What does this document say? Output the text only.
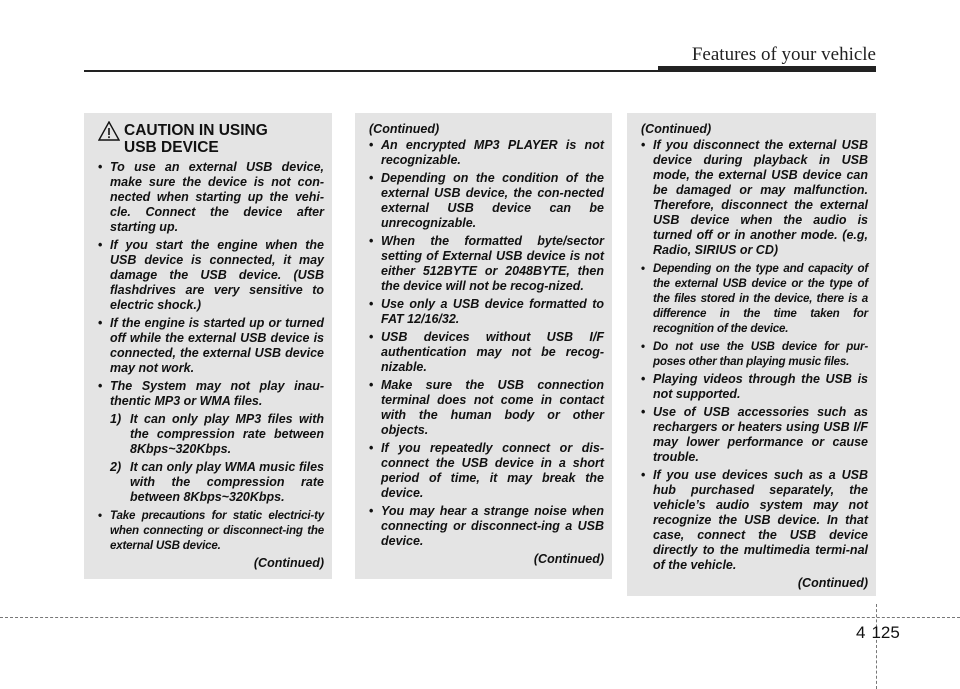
Features of your vehicle
CAUTION IN USING
USB DEVICE
• To use an external USB device, make sure the device is not con-nected when starting up the vehi-cle. Connect the device after starting up.
• If you start the engine when the USB device is connected, it may damage the USB device. (USB flashdrives are very sensitive to electric shock.)
• If the engine is started up or turned off while the external USB device is connected, the external USB device may not work.
• The System may not play inau-thentic MP3 or WMA files.
1) It can only play MP3 files with the compression rate between 8Kbps~320Kbps.
2) It can only play WMA music files with the compression rate between 8Kbps~320Kbps.
• Take precautions for static electrici-ty when connecting or disconnect-ing the external USB device.
(Continued)
(Continued)
• An encrypted MP3 PLAYER is not recognizable.
• Depending on the condition of the external USB device, the con-nected external USB device can be unrecognizable.
• When the formatted byte/sector setting of External USB device is not either 512BYTE or 2048BYTE, then the device will not be recog-nized.
• Use only a USB device formatted to FAT 12/16/32.
• USB devices without USB I/F authentication may not be recog-nizable.
• Make sure the USB connection terminal does not come in contact with the human body or other objects.
• If you repeatedly connect or dis-connect the USB device in a short period of time, it may break the device.
• You may hear a strange noise when connecting or disconnect-ing a USB device.
(Continued)
(Continued)
• If you disconnect the external USB device during playback in USB mode, the external USB device can be damaged or may malfunction. Therefore, disconnect the external USB device when the audio is turned off or in another mode. (e.g, Radio, SIRIUS or CD)
• Depending on the type and capacity of the external USB device or the type of the files stored in the device, there is a difference in the time taken for recognition of the device.
• Do not use the USB device for pur-poses other than playing music files.
• Playing videos through the USB is not supported.
• Use of USB accessories such as rechargers or heaters using USB I/F may lower performance or cause trouble.
• If you use devices such as a USB hub purchased separately, the vehicle’s audio system may not recognize the USB device. In that case, connect the USB device directly to the multimedia termi-nal of the vehicle.
(Continued)
4 125
